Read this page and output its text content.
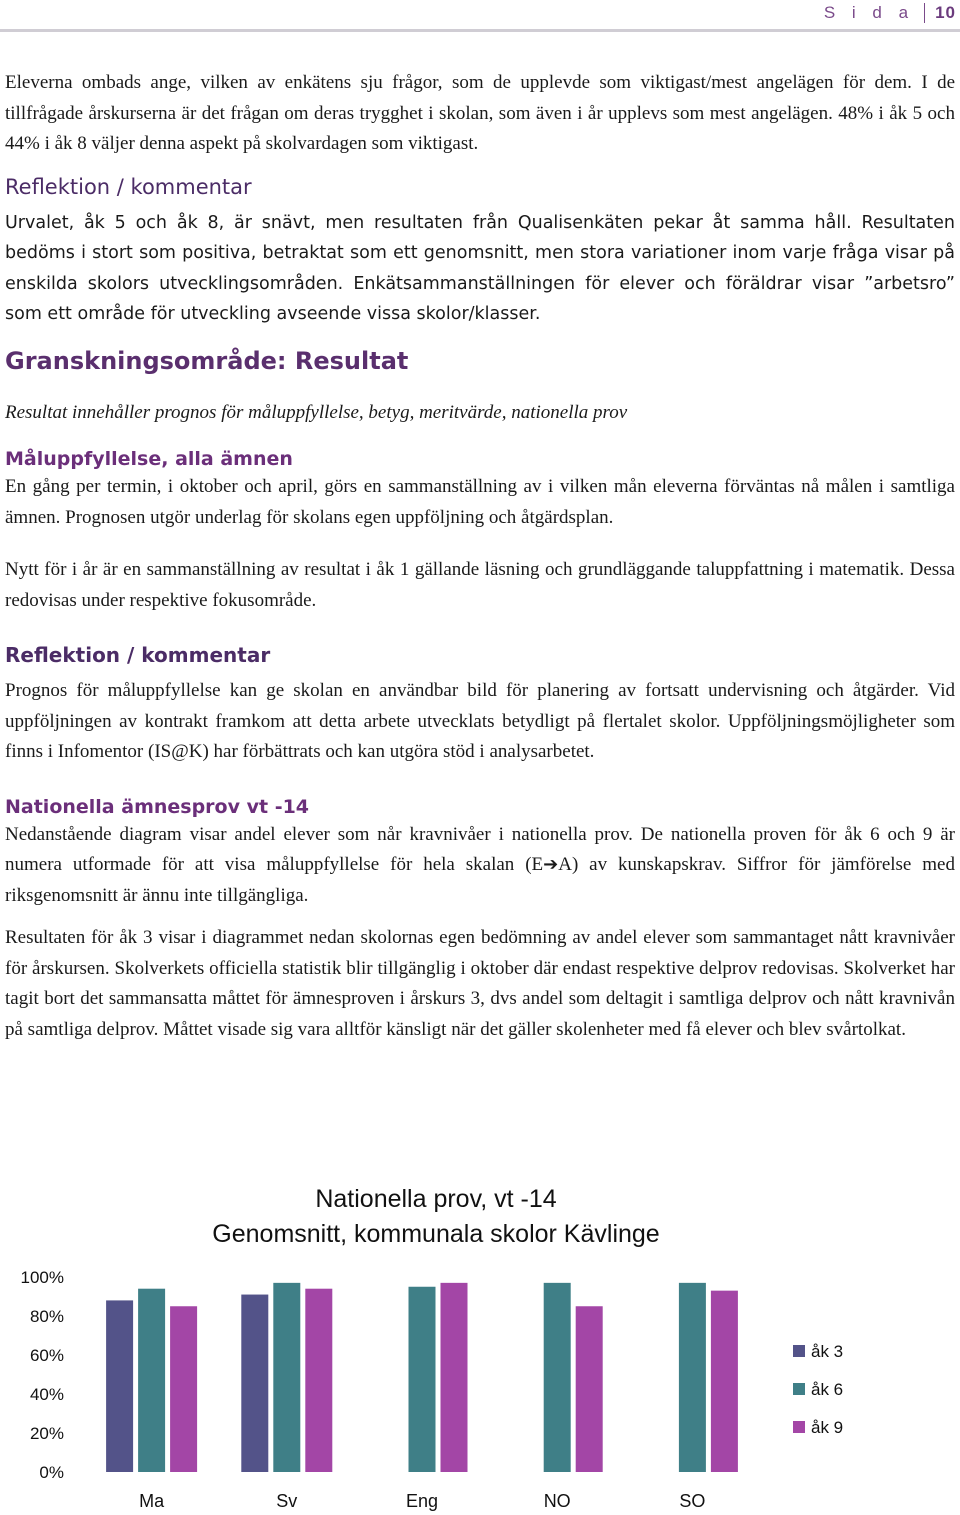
S i d a 10

Eleverna ombads ange, vilken av enkätens sju frågor, som de upplevde som viktigast/mest angelägen för dem. I de tillfrågade årskurserna är det frågan om deras trygghet i skolan, som även i år upplevs som mest angelägen. 48% i åk 5 och 44% i åk 8 väljer denna aspekt på skolvardagen som viktigast.

Reflektion / kommentar

Urvalet, åk 5 och åk 8, är snävt, men resultaten från Qualisenkäten pekar åt samma håll. Resultaten bedöms i stort som positiva, betraktat som ett genomsnitt, men stora variationer inom varje fråga visar på enskilda skolors utvecklingsområden. Enkätsammanställningen för elever och föräldrar visar ”arbetsro” som ett område för utveckling avseende vissa skolor/klasser.

Granskningsområde: Resultat

Resultat innehåller prognos för måluppfyllelse, betyg, meritvärde, nationella prov

Måluppfyllelse, alla ämnen

En gång per termin, i oktober och april, görs en sammanställning av i vilken mån eleverna förväntas nå målen i samtliga ämnen. Prognosen utgör underlag för skolans egen uppföljning och åtgärdsplan.

Nytt för i år är en sammanställning av resultat i åk 1 gällande läsning och grundläggande taluppfattning i matematik. Dessa redovisas under respektive fokusområde.

Reflektion / kommentar

Prognos för måluppfyllelse kan ge skolan en användbar bild för planering av fortsatt undervisning och åtgärder. Vid uppföljningen av kontrakt framkom att detta arbete utvecklats betydligt på flertalet skolor. Uppföljningsmöjligheter som finns i Infomentor (IS@K) har förbättrats och kan utgöra stöd i analysarbetet.

Nationella ämnesprov vt -14

Nedanstående diagram visar andel elever som når kravnivåer i nationella prov. De nationella proven för åk 6 och 9 är numera utformade för att visa måluppfyllelse för hela skalan (E➔A) av kunskapskrav. Siffror för jämförelse med riksgenomsnitt är ännu inte tillgängliga.

Resultaten för åk 3 visar i diagrammet nedan skolornas egen bedömning av andel elever som sammantaget nått kravnivåer för årskursen. Skolverkets officiella statistik blir tillgänglig i oktober där endast respektive delprov redovisas. Skolverket har tagit bort det sammansatta måttet för ämnesproven i årskurs 3, dvs andel som deltagit i samtliga delprov och nått kravnivån på samtliga delprov. Måttet visade sig vara alltför känsligt när det gäller skolenheter med få elever och blev svårtolkat.

Nationella prov, vt -14
Genomsnitt, kommunala skolor Kävlinge
0%
20%
40%
60%
80%
100%
Ma	Sv	Eng	NO	SO
åk 3
åk 6
åk 9
